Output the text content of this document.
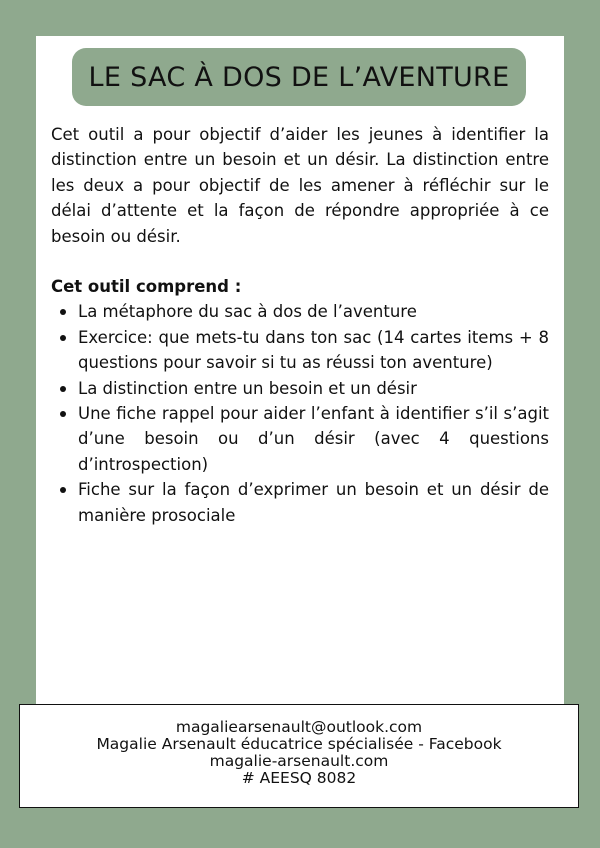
LE SAC À DOS DE L’AVENTURE

Cet outil a pour objectif d’aider les jeunes à identifier la distinction entre un besoin et un désir. La distinction entre les deux a pour objectif de les amener à réfléchir sur le délai d’attente et la façon de répondre appropriée à ce besoin ou désir.

Cet outil comprend :
La métaphore du sac à dos de l’aventure
Exercice: que mets-tu dans ton sac (14 cartes items + 8 questions pour savoir si tu as réussi ton aventure)
La distinction entre un besoin et un désir
Une fiche rappel pour aider l’enfant à identifier s’il s’agit d’une besoin ou d’un désir (avec 4 questions d’introspection)
Fiche sur la façon d’exprimer un besoin et un désir de manière prosociale
magaliearsenault@outlook.com
Magalie Arsenault éducatrice spécialisée - Facebook
magalie-arsenault.com
# AEESQ 8082
